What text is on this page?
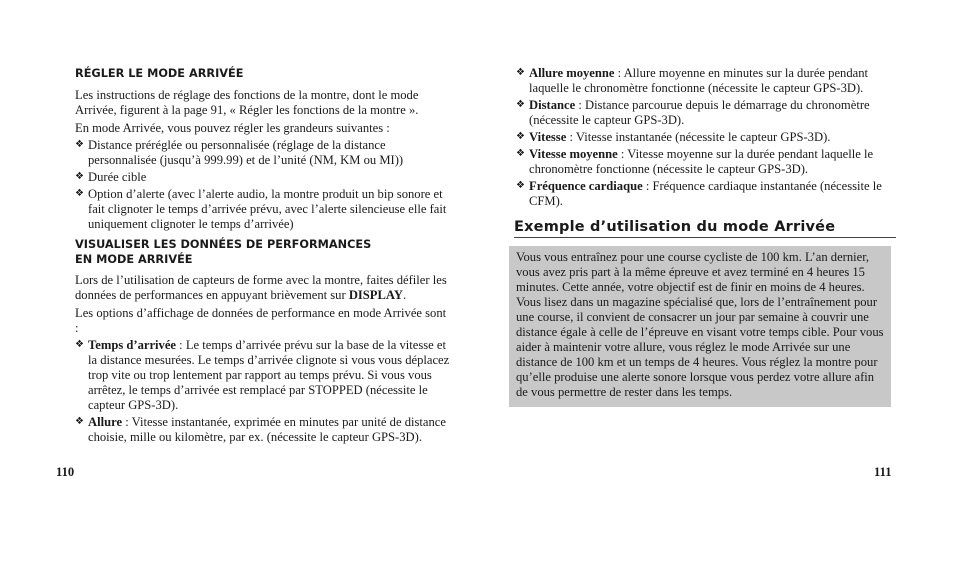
RÉGLER LE MODE ARRIVÉE

Les instructions de réglage des fonctions de la montre, dont le mode Arrivée, figurent à la page 91, « Régler les fonctions de la montre ».

En mode Arrivée, vous pouvez régler les grandeurs suivantes :

❖ Distance préréglée ou personnalisée (réglage de la distance personnalisée (jusqu’à 999.99) et de l’unité (NM, KM ou MI))
❖ Durée cible
❖ Option d’alerte (avec l’alerte audio, la montre produit un bip sonore et fait clignoter le temps d’arrivée prévu, avec l’alerte silencieuse elle fait uniquement clignoter le temps d’arrivée)
VISUALISER LES DONNÉES DE PERFORMANCES
EN MODE ARRIVÉE

Lors de l’utilisation de capteurs de forme avec la montre, faites défiler les données de performances en appuyant brièvement sur DISPLAY.

Les options d’affichage de données de performance en mode Arrivée sont :

❖ Temps d’arrivée : Le temps d’arrivée prévu sur la base de la vitesse et la distance mesurées. Le temps d’arrivée clignote si vous vous déplacez trop vite ou trop lentement par rapport au temps prévu. Si vous vous arrêtez, le temps d’arrivée est remplacé par STOPPED (nécessite le capteur GPS-3D).
❖ Allure : Vitesse instantanée, exprimée en minutes par unité de distance choisie, mille ou kilomètre, par ex. (nécessite le capteur GPS-3D).
110
❖ Allure moyenne : Allure moyenne en minutes sur la durée pendant laquelle le chronomètre fonctionne (nécessite le capteur GPS-3D).
❖ Distance : Distance parcourue depuis le démarrage du chronomètre (nécessite le capteur GPS-3D).
❖ Vitesse : Vitesse instantanée (nécessite le capteur GPS-3D).
❖ Vitesse moyenne : Vitesse moyenne sur la durée pendant laquelle le chronomètre fonctionne (nécessite le capteur GPS-3D).
❖ Fréquence cardiaque : Fréquence cardiaque instantanée (nécessite le CFM).
Exemple d’utilisation du mode Arrivée
Vous vous entraînez pour une course cycliste de 100 km. L’an dernier, vous avez pris part à la même épreuve et avez terminé en 4 heures 15 minutes. Cette année, votre objectif est de finir en moins de 4 heures. Vous lisez dans un magazine spécialisé que, lors de l’entraînement pour une course, il convient de consacrer un jour par semaine à couvrir une distance égale à celle de l’épreuve en visant votre temps cible. Pour vous aider à maintenir votre allure, vous réglez le mode Arrivée sur une distance de 100 km et un temps de 4 heures. Vous réglez la montre pour qu’elle produise une alerte sonore lorsque vous perdez votre allure afin de vous permettre de rester dans les temps.
111
